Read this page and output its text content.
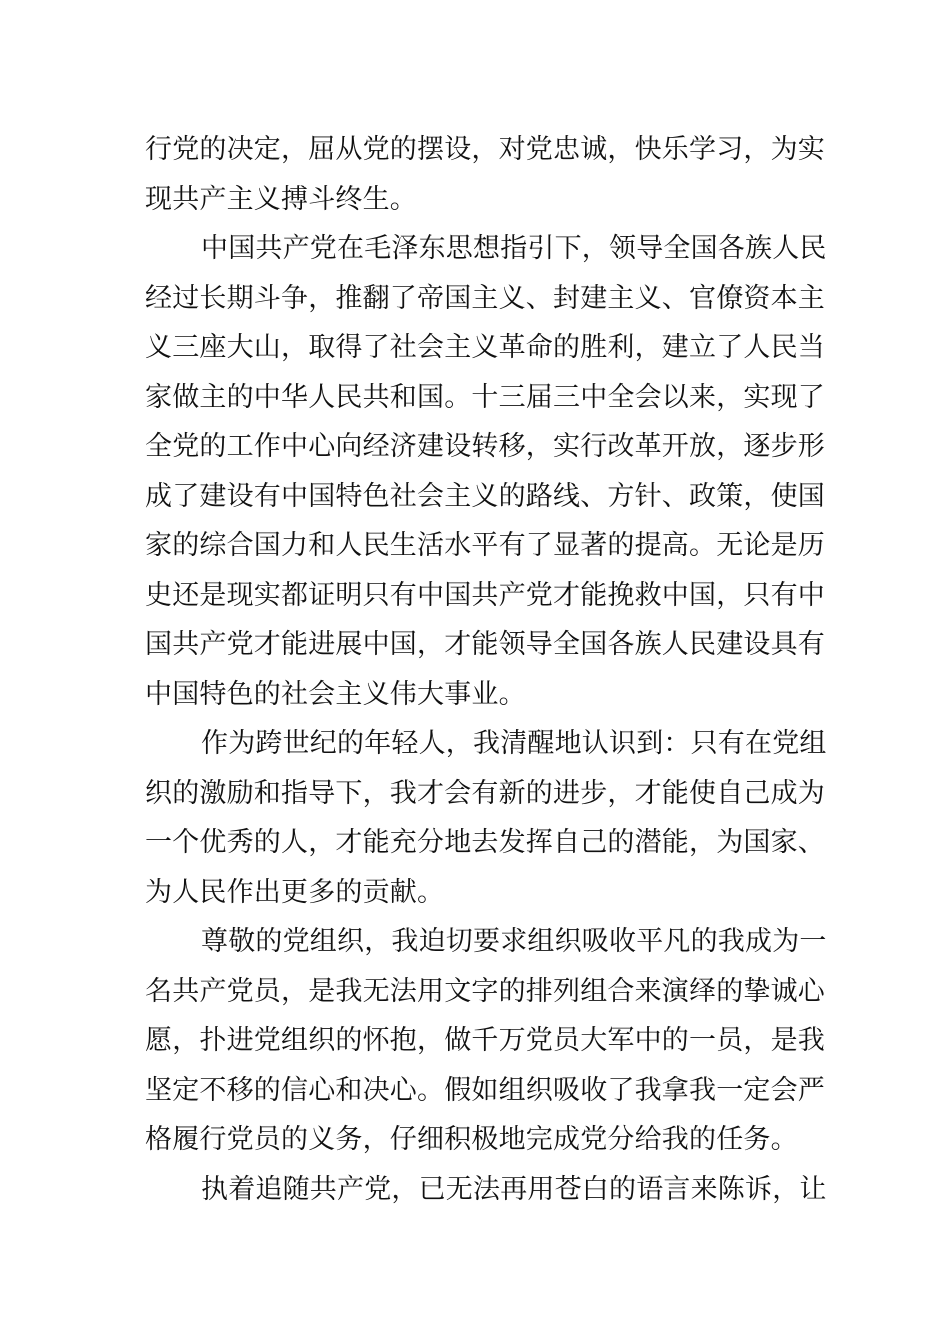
行党的决定，屈从党的摆设，对党忠诚，快乐学习，为实
现共产主义搏斗终生。
中国共产党在毛泽东思想指引下，领导全国各族人民
经过长期斗争，推翻了帝国主义、封建主义、官僚资本主
义三座大山，取得了社会主义革命的胜利，建立了人民当
家做主的中华人民共和国。十三届三中全会以来，实现了
全党的工作中心向经济建设转移，实行改革开放，逐步形
成了建设有中国特色社会主义的路线、方针、政策，使国
家的综合国力和人民生活水平有了显著的提高。无论是历
史还是现实都证明只有中国共产党才能挽救中国，只有中
国共产党才能进展中国，才能领导全国各族人民建设具有
中国特色的社会主义伟大事业。
作为跨世纪的年轻人，我清醒地认识到：只有在党组
织的激励和指导下，我才会有新的进步，才能使自己成为
一个优秀的人，才能充分地去发挥自己的潜能，为国家、
为人民作出更多的贡献。
尊敬的党组织，我迫切要求组织吸收平凡的我成为一
名共产党员，是我无法用文字的排列组合来演绎的挚诚心
愿，扑进党组织的怀抱，做千万党员大军中的一员，是我
坚定不移的信心和决心。假如组织吸收了我拿我一定会严
格履行党员的义务，仔细积极地完成党分给我的任务。
执着追随共产党，已无法再用苍白的语言来陈诉，让
